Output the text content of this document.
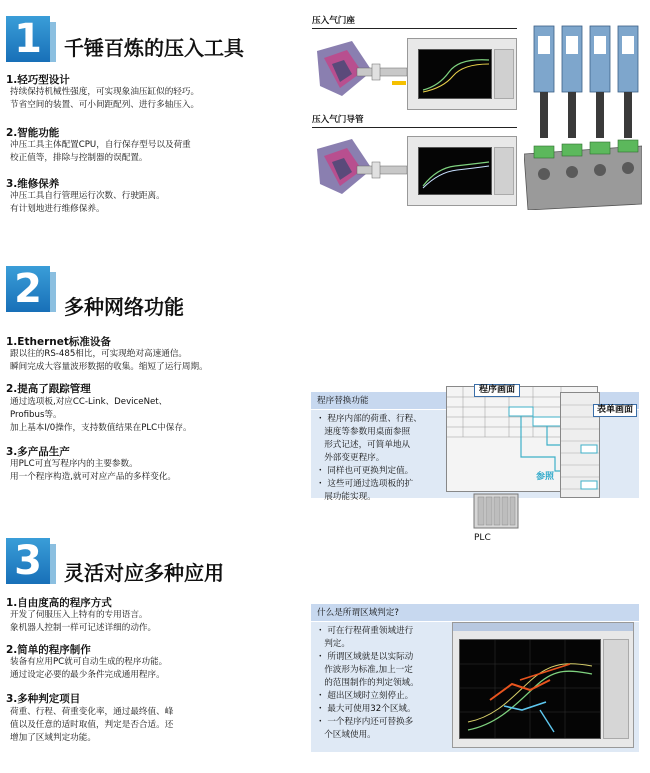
1	千锤百炼的压入工具
1.轻巧型设计
持续保持机械性强度，可实现象油压缸似的轻巧。
节省空间的装置、可小间距配列、进行多轴压入。
2.智能功能
冲压工具主体配置CPU，自行保存型号以及荷重
校正值等，排除与控制器的误配置。
3.维修保养
冲压工具自行管理运行次数、行驶距离。
有计划地进行维修保养。
压入气门座
压入气门导管
2	多种网络功能
1.Ethernet标准设备
跟以往的RS-485相比，可实现绝对高速通信。
瞬间完成大容量波形数据的收集。缩短了运行周期。
2.提高了跟踪管理
通过选项板,对应CC-Link、DeviceNet、
Profibus等。
加上基本I/0操作，支持数值结果在PLC中保存。
3.多产品生产
用PLC可直写程序内的主要参数。
用一个程序构造,就可对应产品的多样变化。
程序替换功能
・ 程序内部的荷重、行程、
速度等参数用桌面参照
形式记述，可简单地从
外部变更程序。
・ 同样也可更换判定值。
・ 这些可通过选项板的扩
展功能实现。
程序画面
表单画面
参照
PLC
3	灵活对应多种应用
1.自由度高的程序方式
开发了伺服压入上特有的专用语言。
象机器人控制一样可记述详细的动作。
2.简单的程序制作
装备有应用PC就可自动生成的程序功能。
通过设定必要的最少条件完成通用程序。
3.多种判定项目
荷重、行程、荷重变化率，通过最终值、峰
值以及任意的适时取值，判定是否合适。还
增加了区域判定功能。
什么是所谓区域判定?
・ 可在行程荷重领域进行
判定。
・ 所谓区域就是以实际动
作波形为标准,加上一定
的范围制作的判定领域。
・ 超出区域时立刻停止。
・ 最大可使用32个区域。
・ 一个程序内还可替换多
个区域使用。
